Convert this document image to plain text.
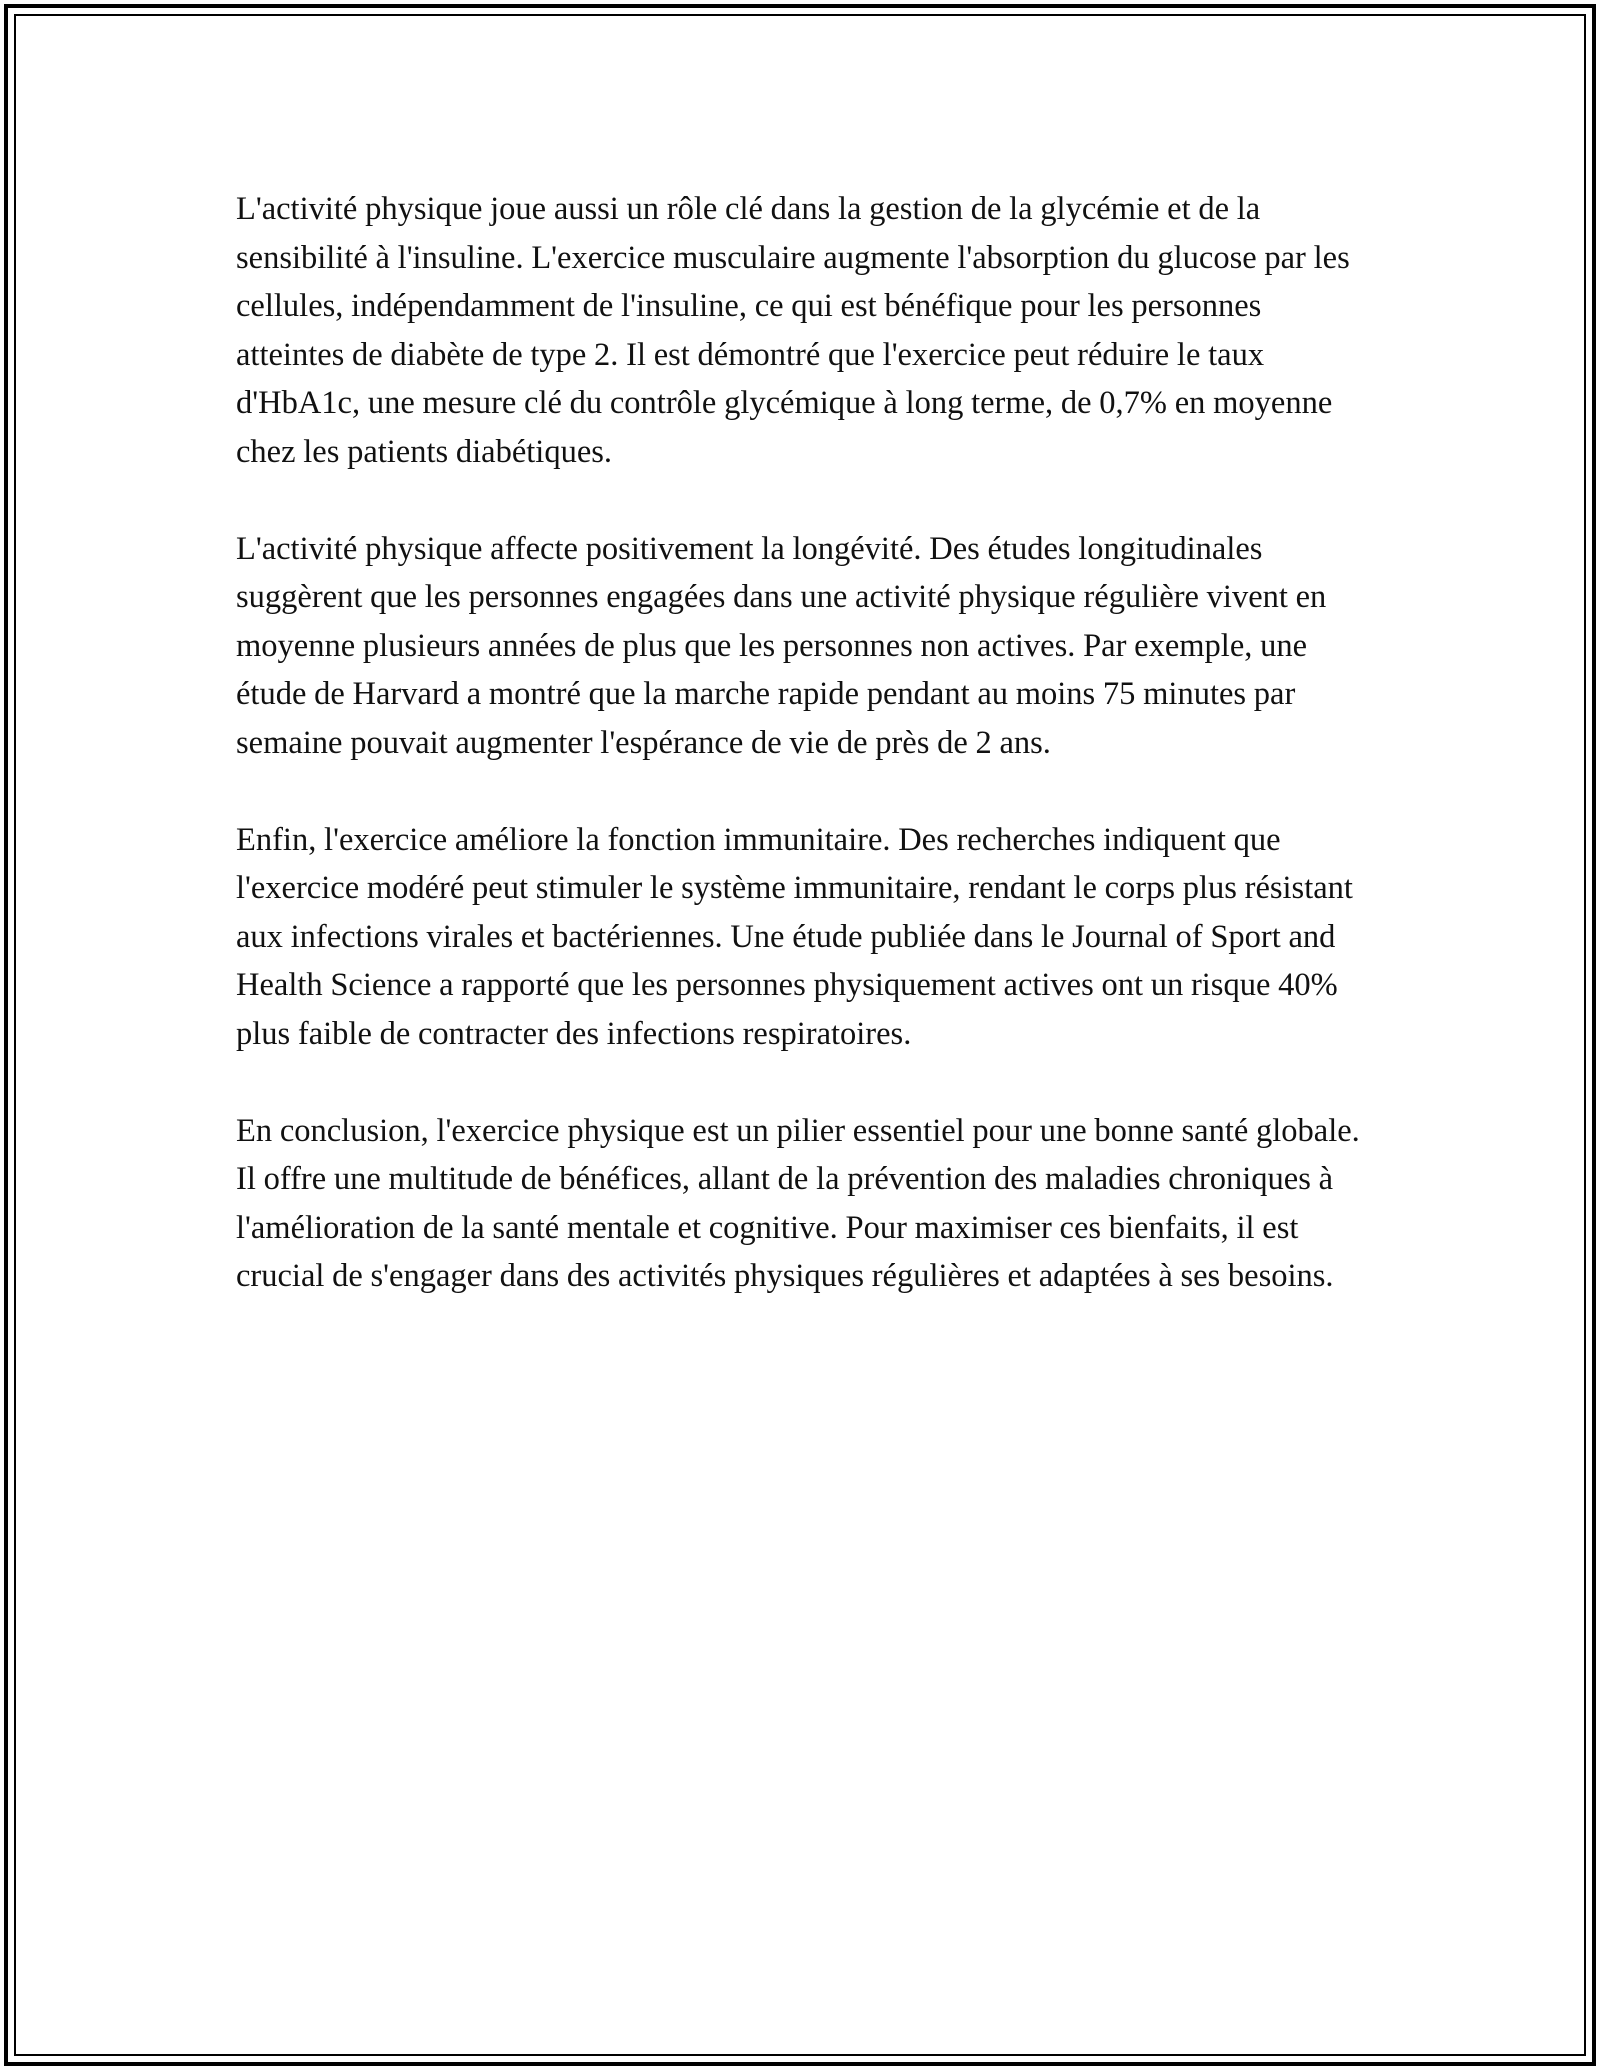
L'activité physique joue aussi un rôle clé dans la gestion de la glycémie et de la sensibilité à l'insuline. L'exercice musculaire augmente l'absorption du glucose par les cellules, indépendamment de l'insuline, ce qui est bénéfique pour les personnes atteintes de diabète de type 2. Il est démontré que l'exercice peut réduire le taux d'HbA1c, une mesure clé du contrôle glycémique à long terme, de 0,7% en moyenne chez les patients diabétiques.

L'activité physique affecte positivement la longévité. Des études longitudinales suggèrent que les personnes engagées dans une activité physique régulière vivent en moyenne plusieurs années de plus que les personnes non actives. Par exemple, une étude de Harvard a montré que la marche rapide pendant au moins 75 minutes par semaine pouvait augmenter l'espérance de vie de près de 2 ans.

Enfin, l'exercice améliore la fonction immunitaire. Des recherches indiquent que l'exercice modéré peut stimuler le système immunitaire, rendant le corps plus résistant aux infections virales et bactériennes. Une étude publiée dans le Journal of Sport and Health Science a rapporté que les personnes physiquement actives ont un risque 40% plus faible de contracter des infections respiratoires.

En conclusion, l'exercice physique est un pilier essentiel pour une bonne santé globale. Il offre une multitude de bénéfices, allant de la prévention des maladies chroniques à l'amélioration de la santé mentale et cognitive. Pour maximiser ces bienfaits, il est crucial de s'engager dans des activités physiques régulières et adaptées à ses besoins.
